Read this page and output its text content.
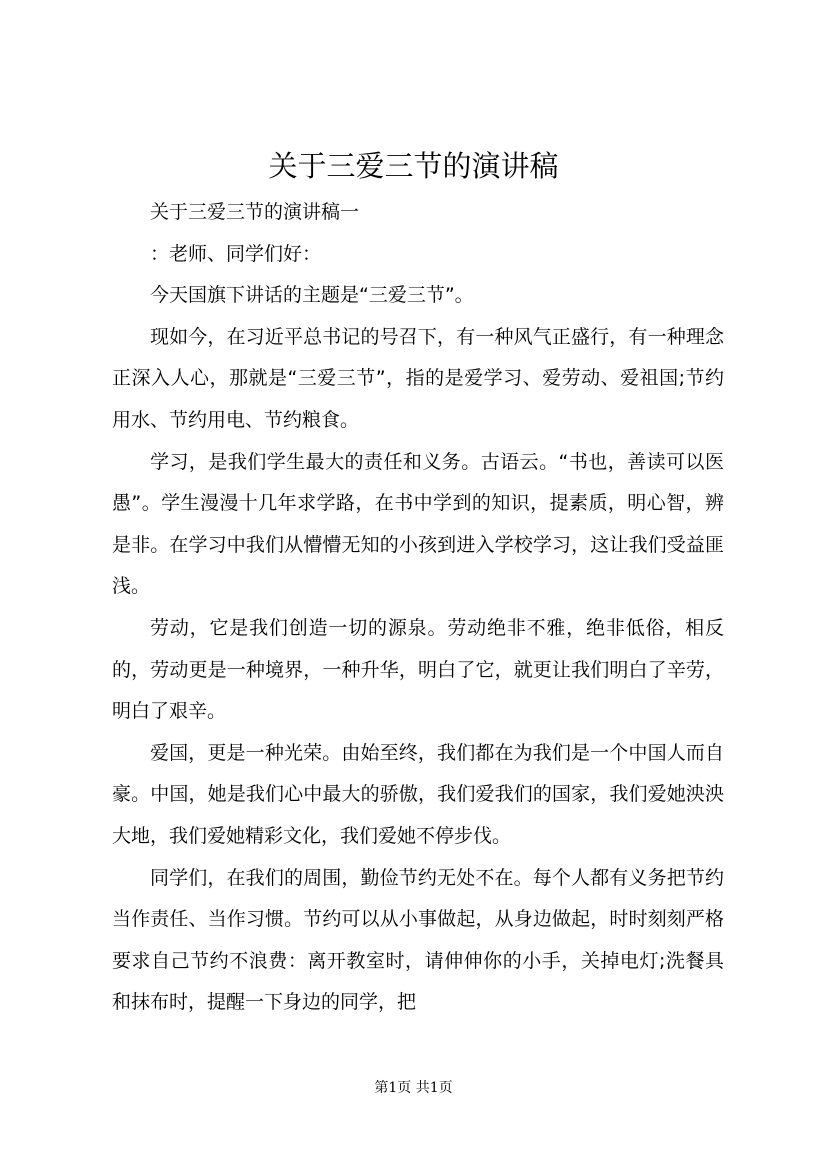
关于三爱三节的演讲稿

关于三爱三节的演讲稿一

：老师、同学们好：

今天国旗下讲话的主题是“三爱三节”。

现如今，在习近平总书记的号召下，有一种风气正盛行，有一种理念正深入人心，那就是“三爱三节”，指的是爱学习、爱劳动、爱祖国;节约用水、节约用电、节约粮食。

学习，是我们学生最大的责任和义务。古语云。“书也，善读可以医愚”。学生漫漫十几年求学路，在书中学到的知识，提素质，明心智，辨是非。在学习中我们从懵懵无知的小孩到进入学校学习，这让我们受益匪浅。

劳动，它是我们创造一切的源泉。劳动绝非不雅，绝非低俗，相反的，劳动更是一种境界，一种升华，明白了它，就更让我们明白了辛劳，明白了艰辛。

爱国，更是一种光荣。由始至终，我们都在为我们是一个中国人而自豪。中国，她是我们心中最大的骄傲，我们爱我们的国家，我们爱她泱泱大地，我们爱她精彩文化，我们爱她不停步伐。

同学们，在我们的周围，勤俭节约无处不在。每个人都有义务把节约当作责任、当作习惯。节约可以从小事做起，从身边做起，时时刻刻严格要求自己节约不浪费：离开教室时，请伸伸你的小手，关掉电灯;洗餐具和抹布时，提醒一下身边的同学，把

第1页 共1页
